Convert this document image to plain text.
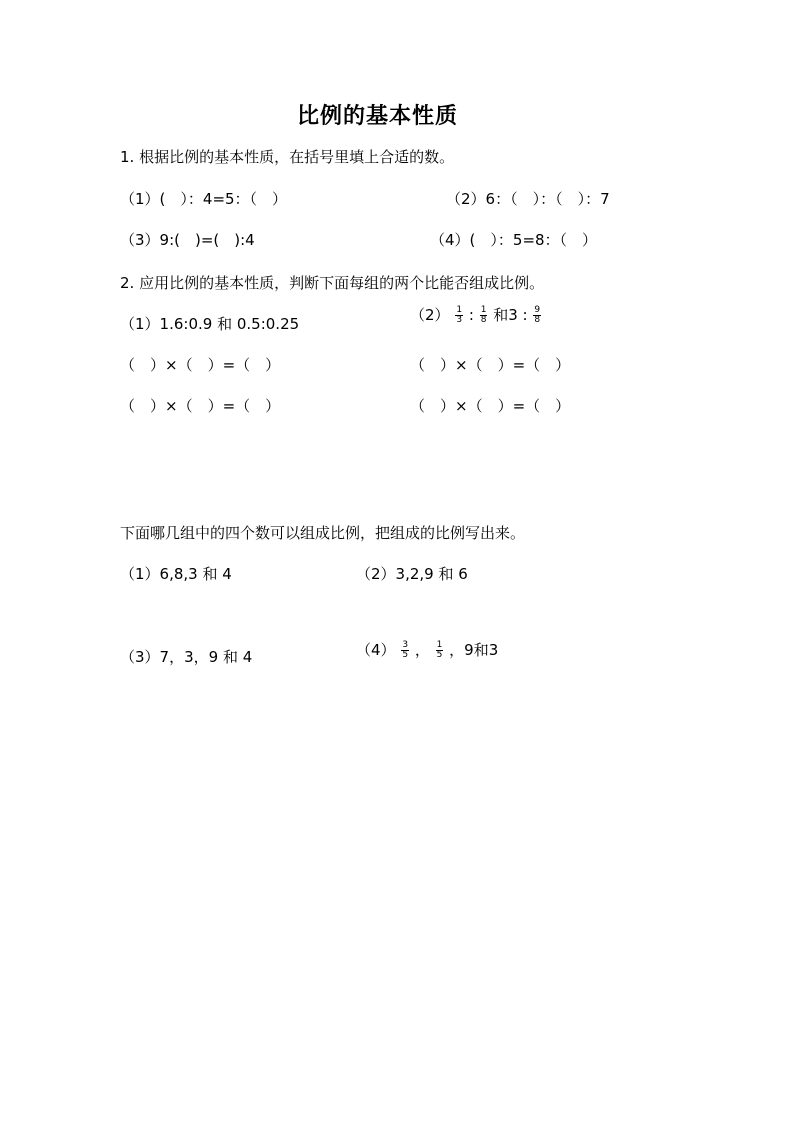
比例的基本性质
1. 根据比例的基本性质，在括号里填上合适的数。
（1）(　）：4=5：（　）	（2）6：（　）：（　）：7
（3）9:(　)=(　):4	（4）(　）：5=8：（　）
2. 应用比例的基本性质，判断下面每组的两个比能否组成比例。
（1）1.6:0.9 和 0.5:0.25	$(2) \frac{1}{3}$ : $\frac{1}{8}$ 和3 : $\frac{9}{8}$
（　）×（　）=（　）	（　）×（　）=（　）
（　）×（　）=（　）	（　）×（　）=（　）
下面哪几组中的四个数可以组成比例，把组成的比例写出来。
（1）6,8,3 和 4	（2）3,2,9 和 6
（3）7，3，9 和 4	$(4) \frac{3}{5}$ ， $\frac{1}{5}$ ，9和3
